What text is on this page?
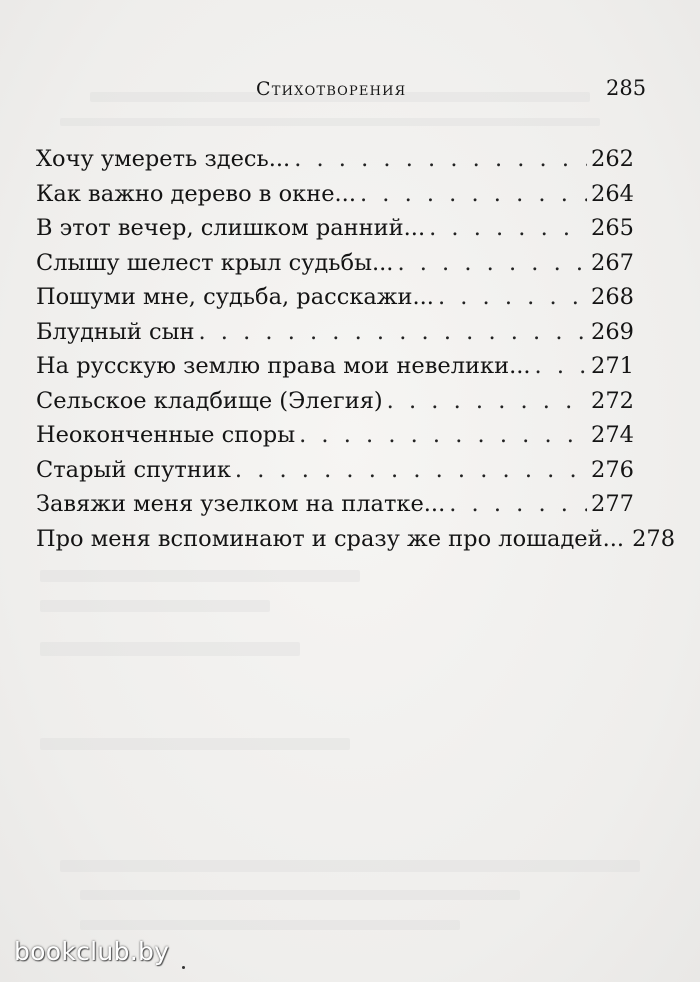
Стихотворения	285
Хочу умереть здесь... . . .	262
Как важно дерево в окне... . . .	264
В этот вечер, слишком ранний... . . .	265
Слышу шелест крыл судьбы... . . .	267
Пошуми мне, судьба, расскажи... . . .	268
Блудный сын . . .	269
На русскую землю права мои невелики... . . .	271
Сельское кладбище (Элегия) . . .	272
Неоконченные споры . . .	274
Старый спутник . . .	276
Завяжи меня узелком на платке... . . .	277
Про меня вспоминают и сразу же про лошадей... 278
bookclub.by
